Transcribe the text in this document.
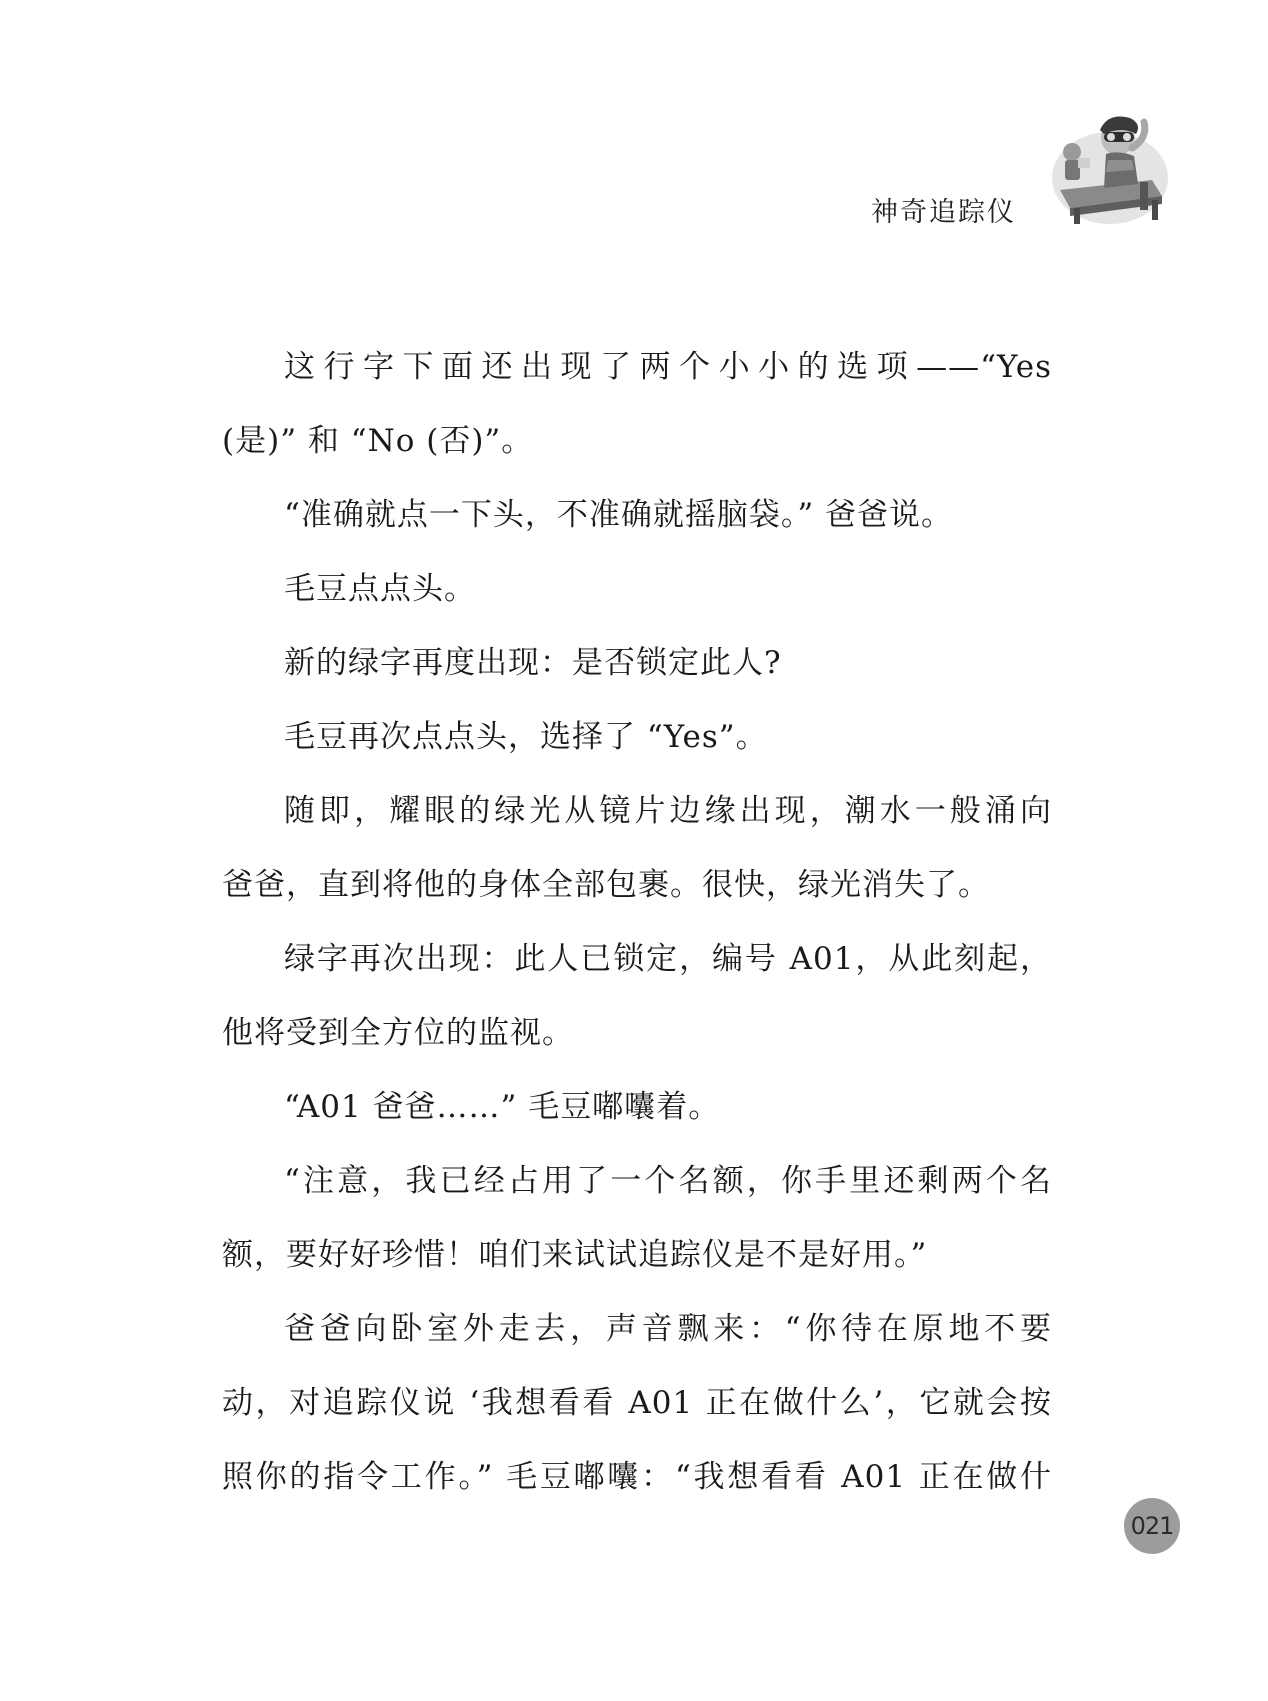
神奇追踪仪

这行字下面还出现了两个小小的选项——“Yes
(是)” 和 “No (否)”。

“准确就点一下头，不准确就摇脑袋。” 爸爸说。

毛豆点点头。

新的绿字再度出现：是否锁定此人?

毛豆再次点点头，选择了 “Yes”。

随即，耀眼的绿光从镜片边缘出现，潮水一般涌向
爸爸，直到将他的身体全部包裹。很快，绿光消失了。

绿字再次出现：此人已锁定，编号 A01，从此刻起，
他将受到全方位的监视。

“A01 爸爸……” 毛豆嘟囔着。

“注意，我已经占用了一个名额，你手里还剩两个名
额，要好好珍惜！咱们来试试追踪仪是不是好用。”

爸爸向卧室外走去，声音飘来：“你待在原地不要
动，对追踪仪说 ‘我想看看 A01 正在做什么’，它就会按
照你的指令工作。” 毛豆嘟囔：“我想看看 A01 正在做什

021
